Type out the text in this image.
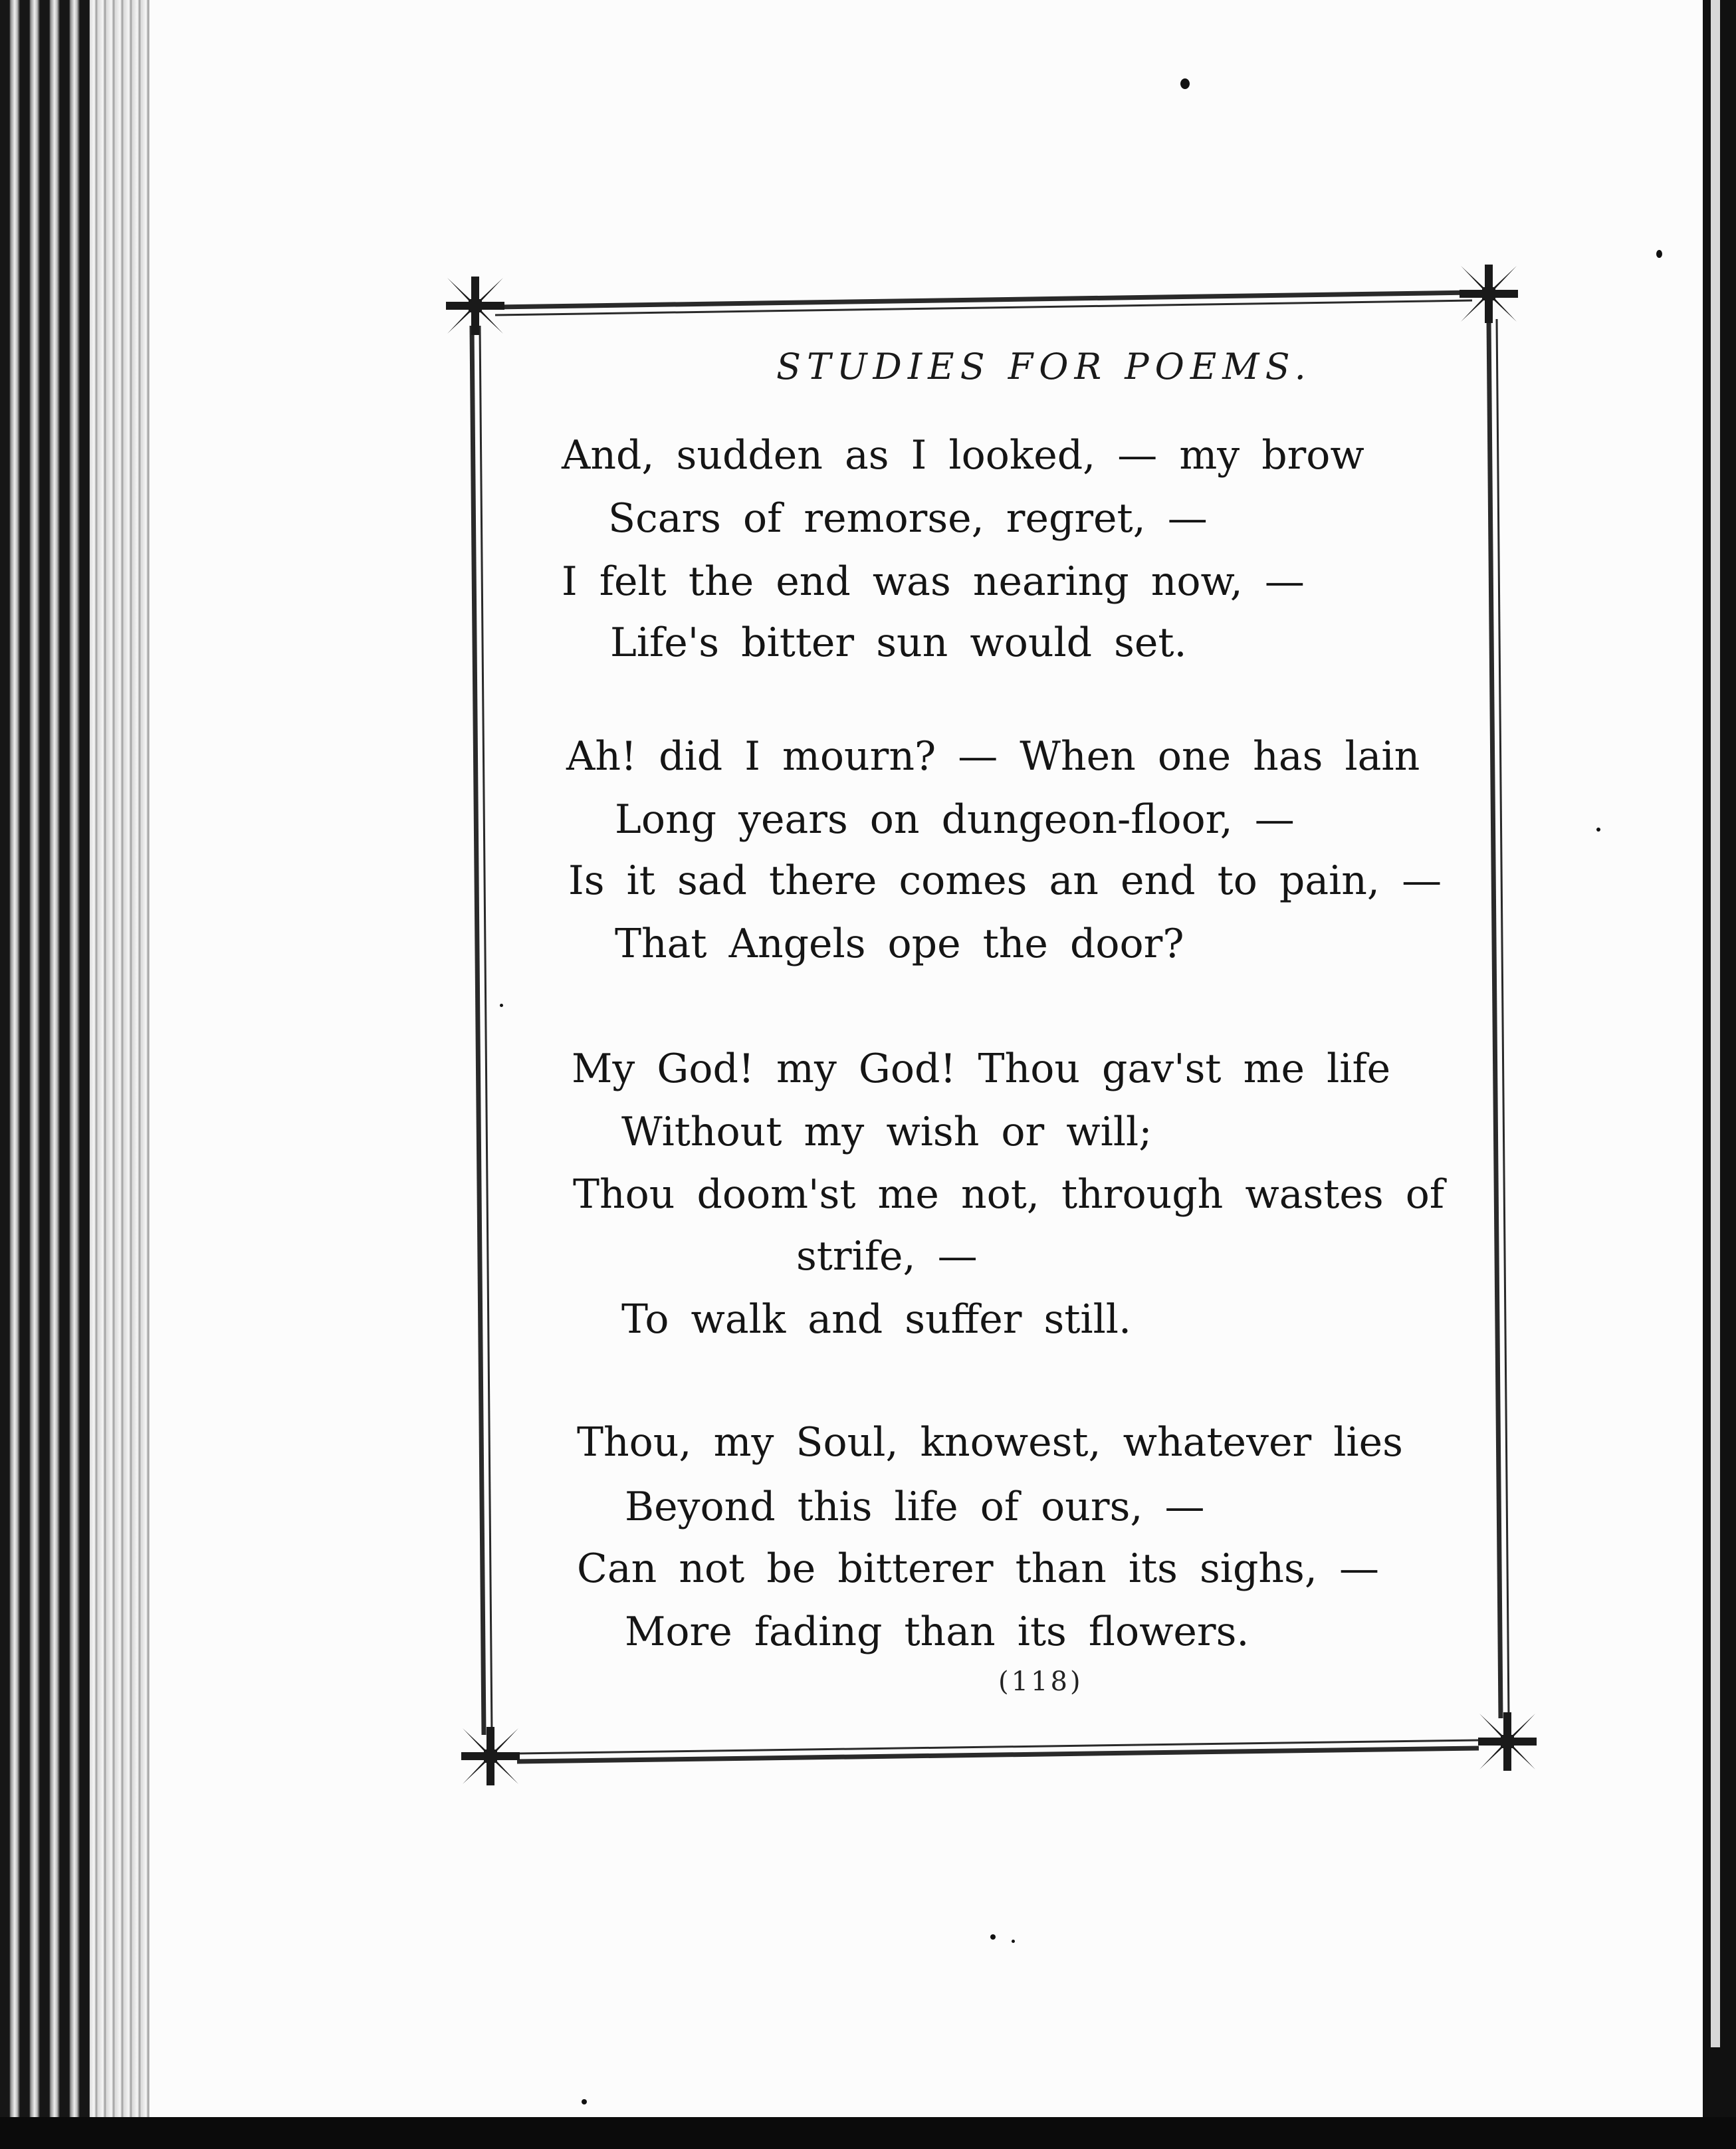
STUDIES FOR POEMS.
And, sudden as I looked, — my brow
Scars of remorse, regret, —
I felt the end was nearing now, —
Life's bitter sun would set.
Ah! did I mourn? — When one has lain
Long years on dungeon-floor, —
Is it sad there comes an end to pain, —
That Angels ope the door?
My God! my God! Thou gav'st me life
Without my wish or will;
Thou doom'st me not, through wastes of
strife, —
To walk and suffer still.
Thou, my Soul, knowest, whatever lies
Beyond this life of ours, —
Can not be bitterer than its sighs, —
More fading than its flowers.
(118)
